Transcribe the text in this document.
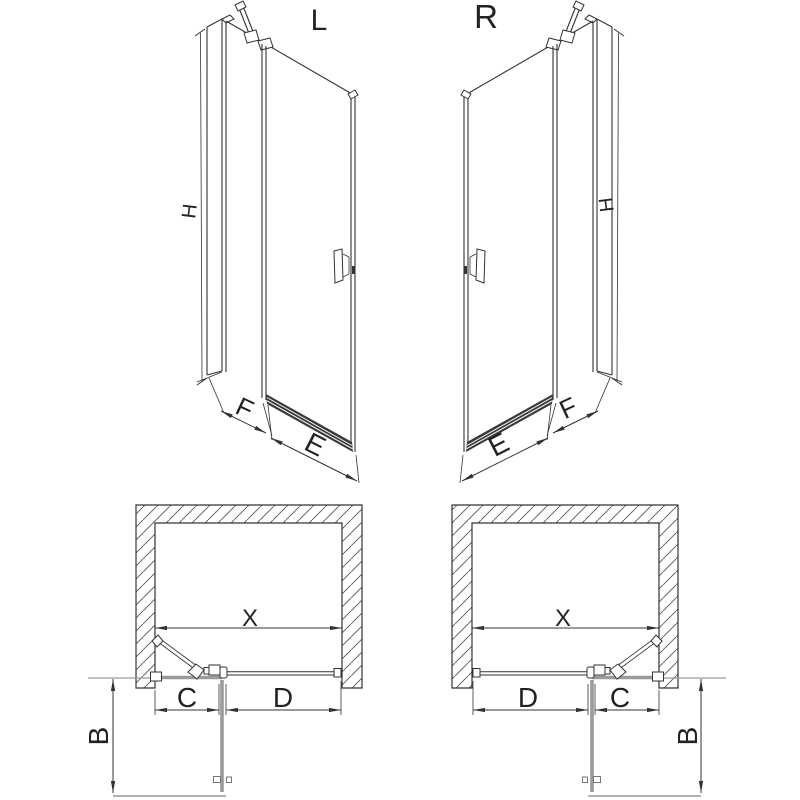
L	R
H	H
F	F
E	E
X	X
C	D	D	C
B	B
